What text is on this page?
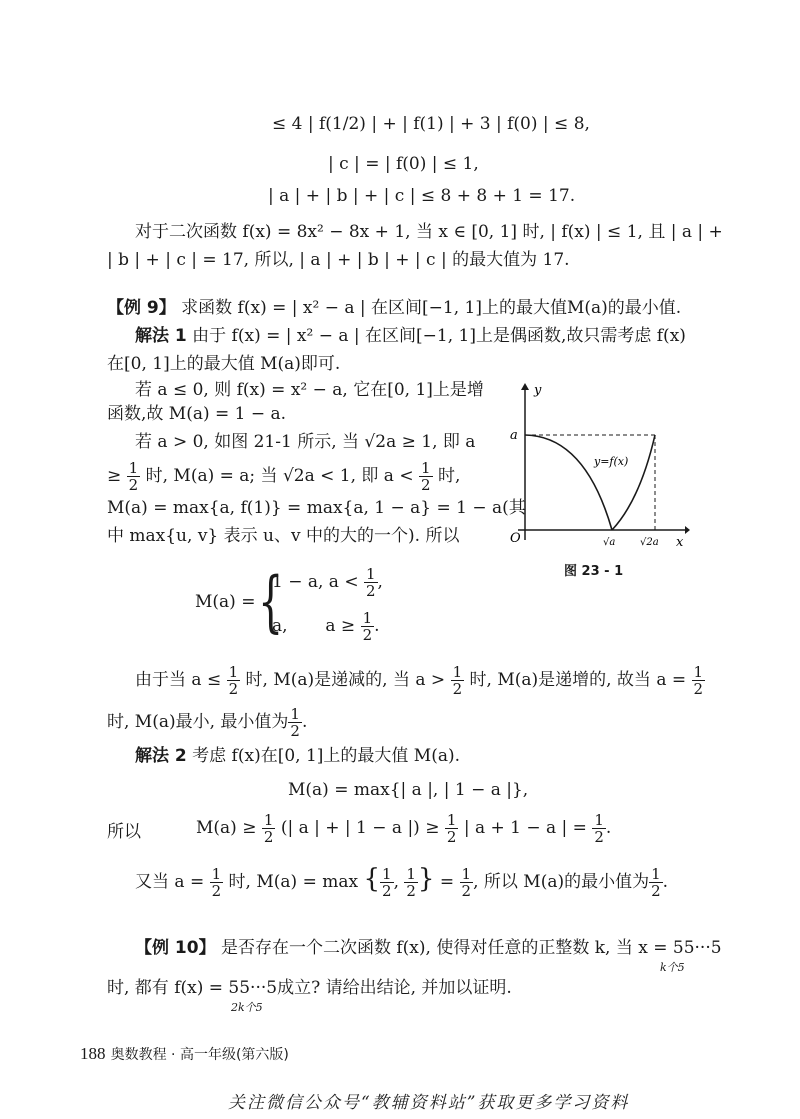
≤ 4 | f(1/2) | + | f(1) | + 3 | f(0) | ≤ 8,
| c | = | f(0) | ≤ 1,
| a | + | b | + | c | ≤ 8 + 8 + 1 = 17.
对于二次函数 f(x) = 8x² − 8x + 1, 当 x ∈ [0, 1] 时, | f(x) | ≤ 1, 且 | a | +
| b | + | c | = 17, 所以, | a | + | b | + | c | 的最大值为 17.
【例 9】 求函数 f(x) = | x² − a | 在区间[−1, 1]上的最大值M(a)的最小值.
解法 1 由于 f(x) = | x² − a | 在区间[−1, 1]上是偶函数,故只需考虑 f(x)
在[0, 1]上的最大值 M(a)即可.
若 a ≤ 0, 则 f(x) = x² − a, 它在[0, 1]上是增
函数,故 M(a) = 1 − a.
若 a > 0, 如图 21-1 所示, 当 √2a ≥ 1, 即 a
≥ $\frac{1}{2}$ 时, M(a) = a; 当 √2a < 1, 即 $a < \frac{1}{2}$ 时,
M(a) = max{a, f(1)} = max{a, 1 − a} = 1 − a(其
中 max{u, v} 表示 u、v 中的大的一个). 所以
y
x
O
a
y=f(x)
√a √2a
图 23 - 1
M(a) = {
1 − a, $a < \frac{1}{2}$ ,
a,       $a \ge \frac{1}{2}$ .
由于当 $a \le \frac{1}{2}$ 时, M(a)是递减的, 当 $a > \frac{1}{2}$ 时, M(a)是递增的, 故当 $a = \frac{1}{2}$
时, M(a)最小, 最小值为 $\frac{1}{2}$ .
解法 2 考虑 f(x)在[0, 1]上的最大值 M(a).
M(a) = max{| a |, | 1 − a |},
所以	$M(a) \ge \frac{1}{2}$ (| a | + | 1 − a |) ≥ $\frac{1}{2}$ | a + 1 − a | = $\frac{1}{2}$ .
又当 $a = \frac{1}{2}$ 时, M(a) = max { $\frac{1}{2}$ , $\frac{1}{2}$ } = $\frac{1}{2}$ , 所以 M(a)的最小值为 $\frac{1}{2}$ .
【例 10】 是否存在一个二次函数 f(x), 使得对任意的正整数 k, 当 x = 55···5
k个5
时, 都有 f(x) = 55···5成立? 请给出结论, 并加以证明.
2k个5
188 奥数教程 · 高一年级(第六版)
关注微信公众号“教辅资料站”获取更多学习资料
